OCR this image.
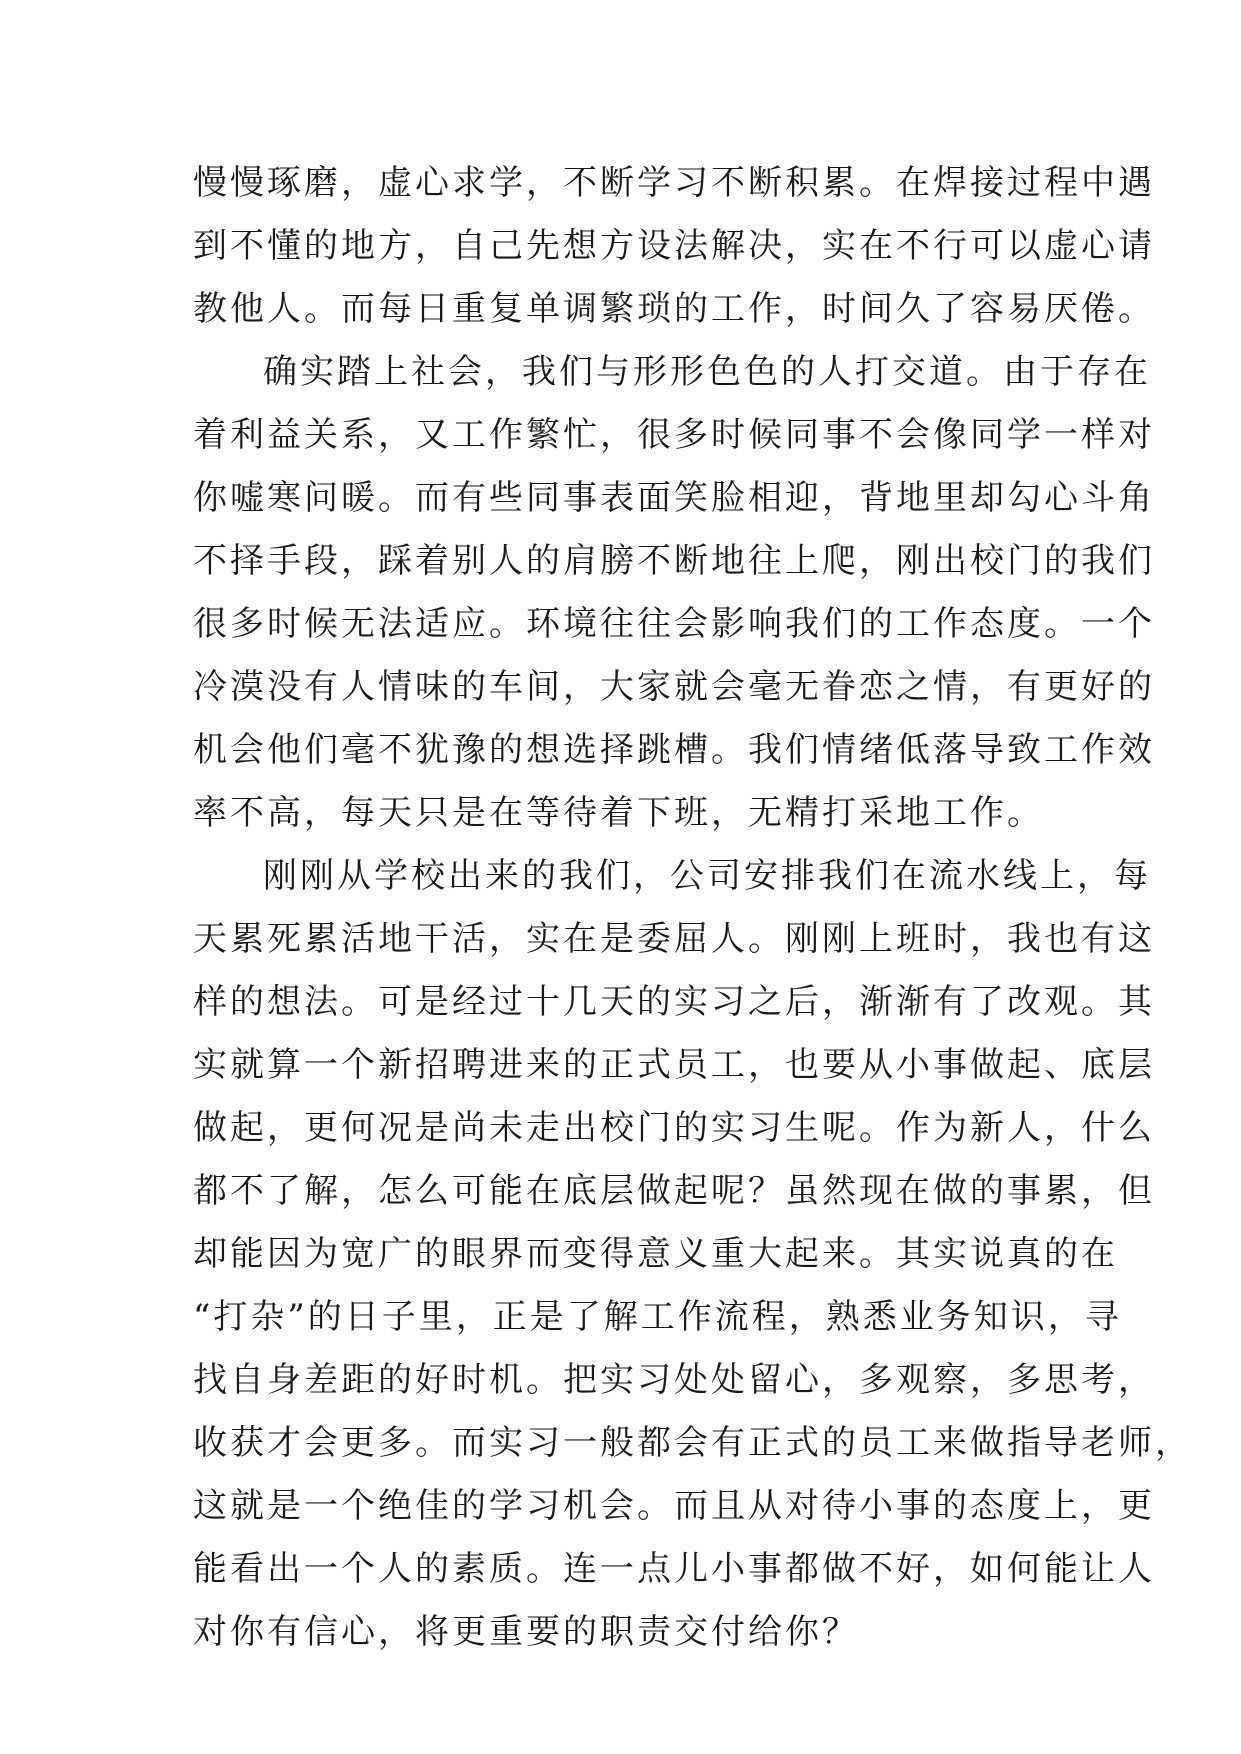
慢慢琢磨，虚心求学，不断学习不断积累。在焊接过程中遇
到不懂的地方，自己先想方设法解决，实在不行可以虚心请
教他人。而每日重复单调繁琐的工作，时间久了容易厌倦。
确实踏上社会，我们与形形色色的人打交道。由于存在
着利益关系，又工作繁忙，很多时候同事不会像同学一样对
你嘘寒问暖。而有些同事表面笑脸相迎，背地里却勾心斗角
不择手段，踩着别人的肩膀不断地往上爬，刚出校门的我们
很多时候无法适应。环境往往会影响我们的工作态度。一个
冷漠没有人情味的车间，大家就会毫无眷恋之情，有更好的
机会他们毫不犹豫的想选择跳槽。我们情绪低落导致工作效
率不高，每天只是在等待着下班，无精打采地工作。
刚刚从学校出来的我们，公司安排我们在流水线上，每
天累死累活地干活，实在是委屈人。刚刚上班时，我也有这
样的想法。可是经过十几天的实习之后，渐渐有了改观。其
实就算一个新招聘进来的正式员工，也要从小事做起、底层
做起，更何况是尚未走出校门的实习生呢。作为新人，什么
都不了解，怎么可能在底层做起呢？虽然现在做的事累，但
却能因为宽广的眼界而变得意义重大起来。其实说真的在
“打杂”的日子里，正是了解工作流程，熟悉业务知识，寻
找自身差距的好时机。把实习处处留心，多观察，多思考，
收获才会更多。而实习一般都会有正式的员工来做指导老师，
这就是一个绝佳的学习机会。而且从对待小事的态度上，更
能看出一个人的素质。连一点儿小事都做不好，如何能让人
对你有信心，将更重要的职责交付给你？
